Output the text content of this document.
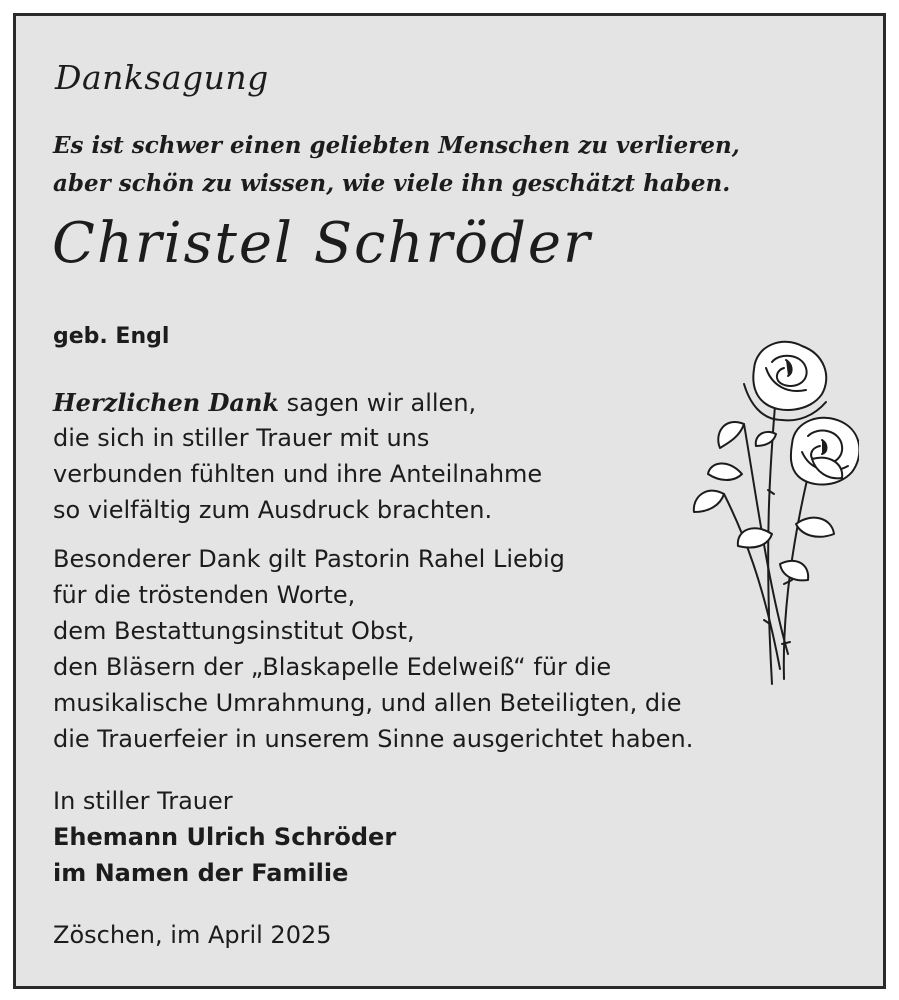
Danksagung

Es ist schwer einen geliebten Menschen zu verlieren,

aber schön zu wissen, wie viele ihn geschätzt haben.

Christel Schröder

geb. Engl

Herzlichen Dank sagen wir allen,

die sich in stiller Trauer mit uns

verbunden fühlten und ihre Anteilnahme

so vielfältig zum Ausdruck brachten.

Besonderer Dank gilt Pastorin Rahel Liebig

für die tröstenden Worte,

dem Bestattungsinstitut Obst,

den Bläsern der „Blaskapelle Edelweiß“ für die

musikalische Umrahmung, und allen Beteiligten, die

die Trauerfeier in unserem Sinne ausgerichtet haben.

In stiller Trauer

Ehemann Ulrich Schröder

im Namen der Familie

Zöschen, im April 2025
